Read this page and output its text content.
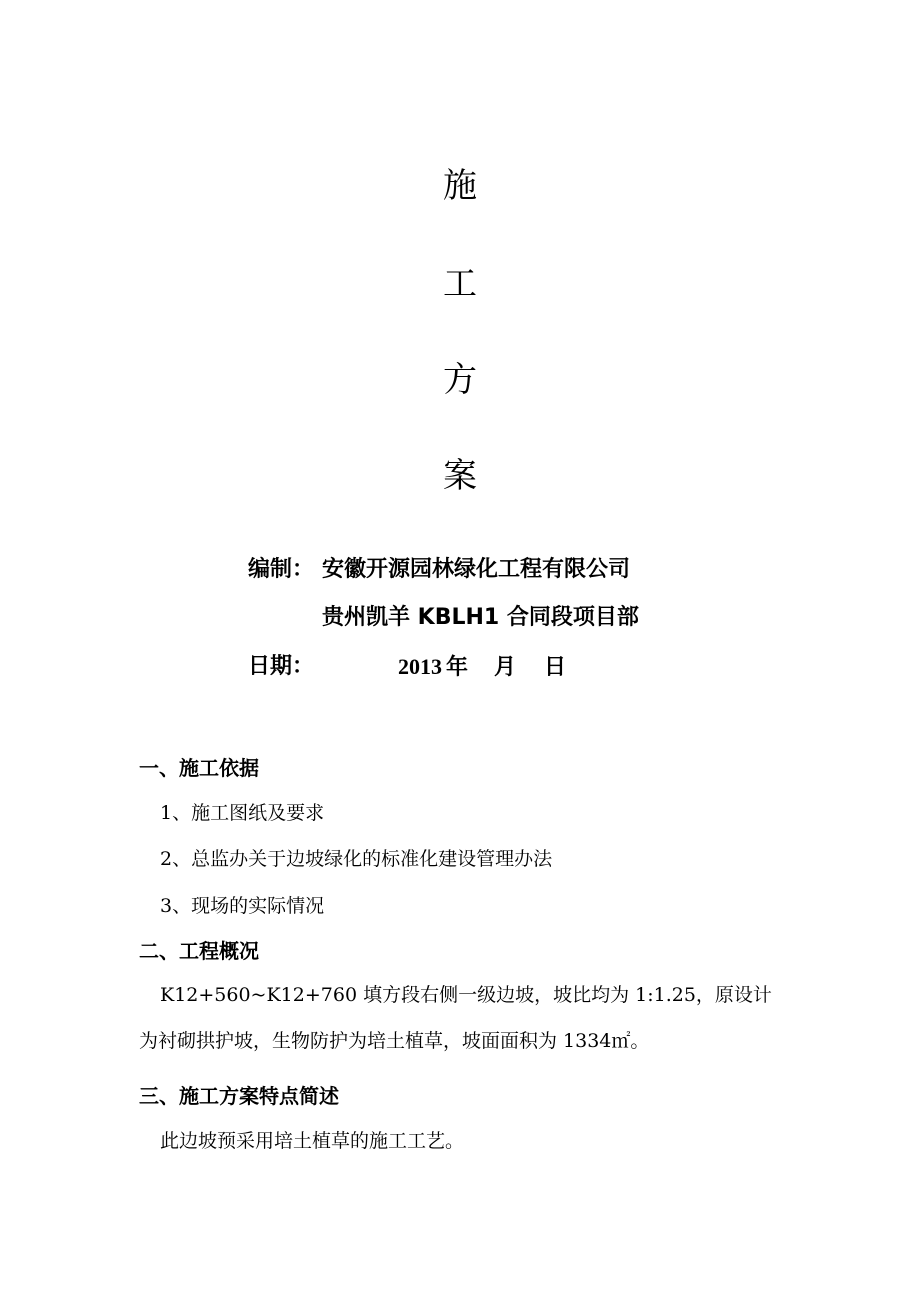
施
工
方
案
编制： 安徽开源园林绿化工程有限公司
贵州凯羊 KBLH1 合同段项目部
日期：	2013 年 月 日
一、施工依据
1、施工图纸及要求
2、总监办关于边坡绿化的标准化建设管理办法
3、现场的实际情况
二、工程概况
K12+560~K12+760 填方段右侧一级边坡，坡比均为 1:1.25，原设计
为衬砌拱护坡，生物防护为培土植草，坡面面积为 1334㎡。
三、施工方案特点简述
此边坡预采用培土植草的施工工艺。
